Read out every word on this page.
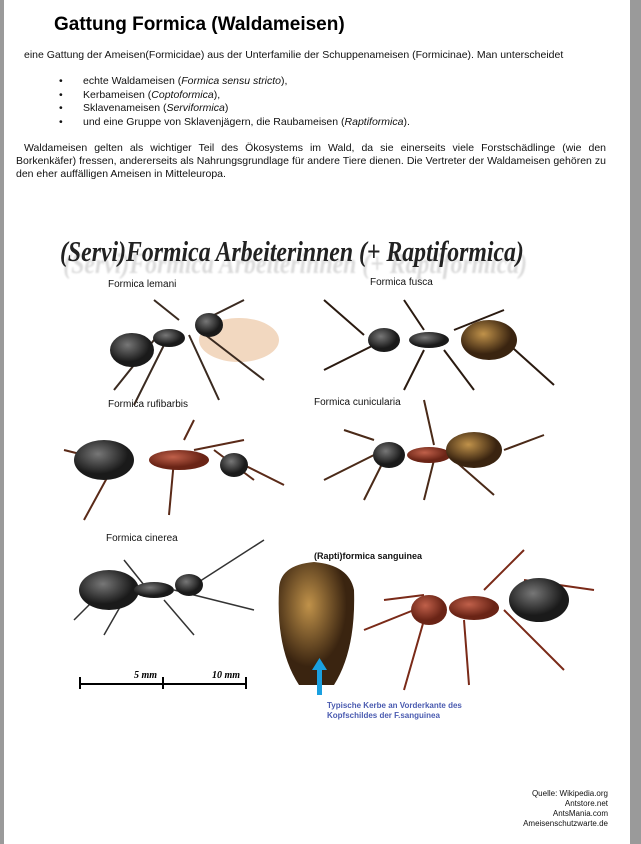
Gattung Formica (Waldameisen)
eine Gattung der Ameisen(Formicidae) aus der Unterfamilie der Schuppenameisen (Formicinae). Man unterscheidet
• echte Waldameisen (Formica sensu stricto),
• Kerbameisen (Coptoformica),
• Sklavenameisen (Serviformica)
• und eine Gruppe von Sklavenjägern, die Raubameisen (Raptiformica).
Waldameisen gelten als wichtiger Teil des Ökosystems im Wald, da sie einerseits viele Forstschädlinge (wie den Borkenkäfer) fressen, andererseits als Nahrungsgrundlage für andere Tiere dienen. Die Vertreter der Waldameisen gehören zu den eher auffälligen Ameisen in Mitteleuropa.
(Servi)Formica Arbeiterinnen (+ Raptiformica)
Formica lemani	Formica fusca
Formica rufibarbis	Formica cunicularia
Formica cinerea
(Rapti)formica sanguinea
5 mm	10 mm
Typische Kerbe an Vorderkante des
Kopfschildes der F.sanguinea
Quelle: Wikipedia.org
Antstore.net
AntsMania.com
Ameisenschutzwarte.de
